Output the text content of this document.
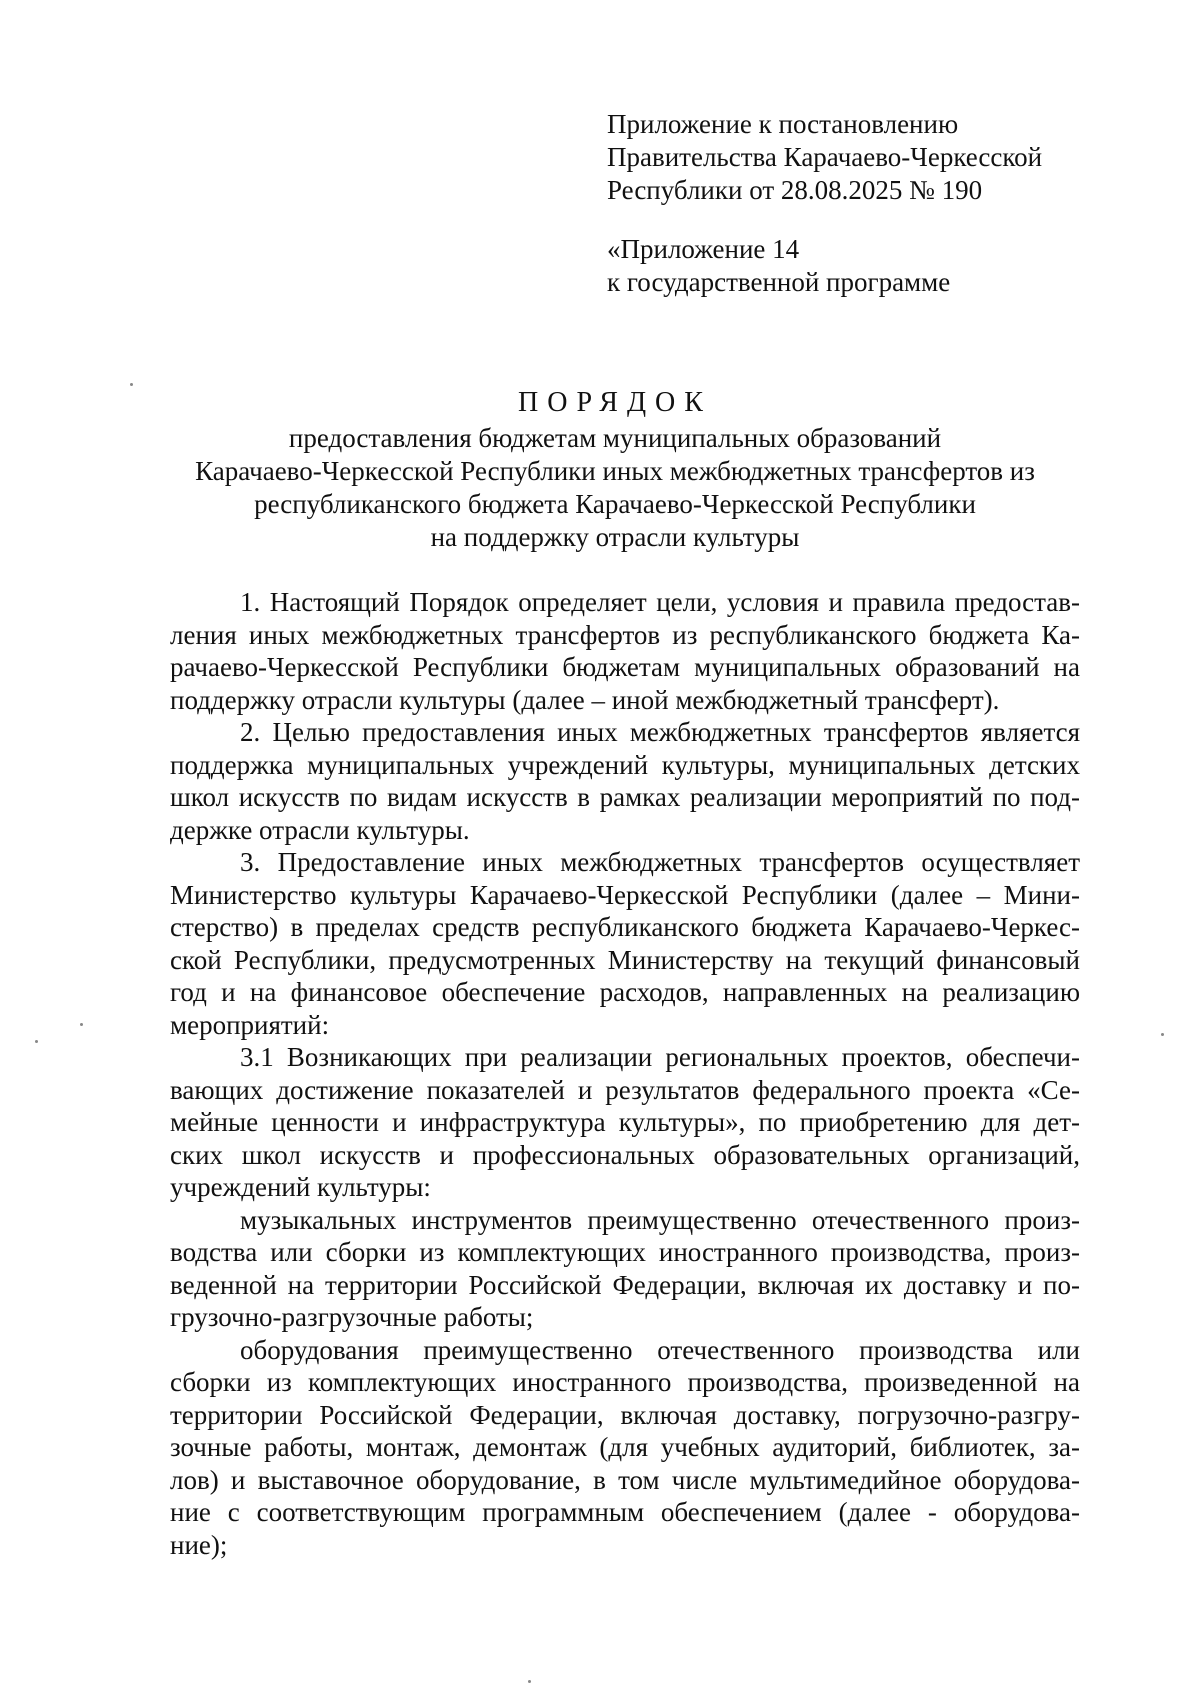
Приложение к постановлению
Правительства Карачаево-Черкесской
Республики от 28.08.2025 № 190
«Приложение 14
к государственной программе
ПОРЯДОК
предоставления бюджетам муниципальных образований
Карачаево-Черкесской Республики иных межбюджетных трансфертов из
республиканского бюджета Карачаево-Черкесской Республики
на поддержку отрасли культуры
1. Настоящий Порядок определяет цели, условия и правила предостав-
ления иных межбюджетных трансфертов из республиканского бюджета Ка-
рачаево-Черкесской Республики бюджетам муниципальных образований на
поддержку отрасли культуры (далее – иной межбюджетный трансферт).
2. Целью предоставления иных межбюджетных трансфертов является
поддержка муниципальных учреждений культуры, муниципальных детских
школ искусств по видам искусств в рамках реализации мероприятий по под-
держке отрасли культуры.
3. Предоставление иных межбюджетных трансфертов осуществляет
Министерство культуры Карачаево-Черкесской Республики (далее – Мини-
стерство) в пределах средств республиканского бюджета Карачаево-Черкес-
ской Республики, предусмотренных Министерству на текущий финансовый
год и на финансовое обеспечение расходов, направленных на реализацию
мероприятий:
3.1 Возникающих при реализации региональных проектов, обеспечи-
вающих достижение показателей и результатов федерального проекта «Се-
мейные ценности и инфраструктура культуры», по приобретению для дет-
ских школ искусств и профессиональных образовательных организаций,
учреждений культуры:
музыкальных инструментов преимущественно отечественного произ-
водства или сборки из комплектующих иностранного производства, произ-
веденной на территории Российской Федерации, включая их доставку и по-
грузочно-разгрузочные работы;
оборудования преимущественно отечественного производства или
сборки из комплектующих иностранного производства, произведенной на
территории Российской Федерации, включая доставку, погрузочно-разгру-
зочные работы, монтаж, демонтаж (для учебных аудиторий, библиотек, за-
лов) и выставочное оборудование, в том числе мультимедийное оборудова-
ние с соответствующим программным обеспечением (далее - оборудова-
ние);
